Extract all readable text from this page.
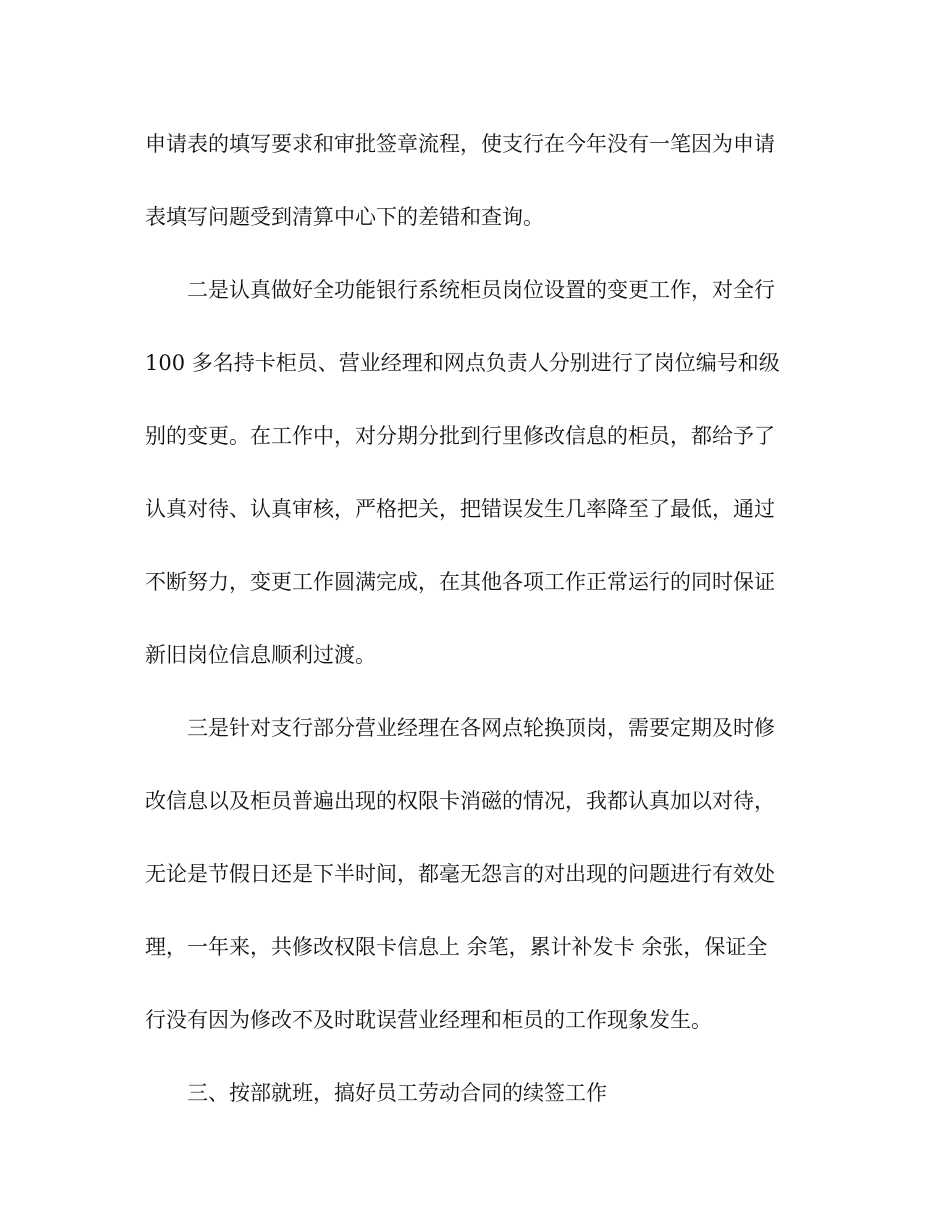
申请表的填写要求和审批签章流程，使支行在今年没有一笔因为申请

表填写问题受到清算中心下的差错和查询。

二是认真做好全功能银行系统柜员岗位设置的变更工作，对全行

100 多名持卡柜员、营业经理和网点负责人分别进行了岗位编号和级

别的变更。在工作中，对分期分批到行里修改信息的柜员，都给予了

认真对待、认真审核，严格把关，把错误发生几率降至了最低，通过

不断努力，变更工作圆满完成，在其他各项工作正常运行的同时保证

新旧岗位信息顺利过渡。

三是针对支行部分营业经理在各网点轮换顶岗，需要定期及时修

改信息以及柜员普遍出现的权限卡消磁的情况，我都认真加以对待，

无论是节假日还是下半时间，都毫无怨言的对出现的问题进行有效处

理，一年来，共修改权限卡信息上 余笔，累计补发卡 余张，保证全

行没有因为修改不及时耽误营业经理和柜员的工作现象发生。

三、按部就班，搞好员工劳动合同的续签工作
